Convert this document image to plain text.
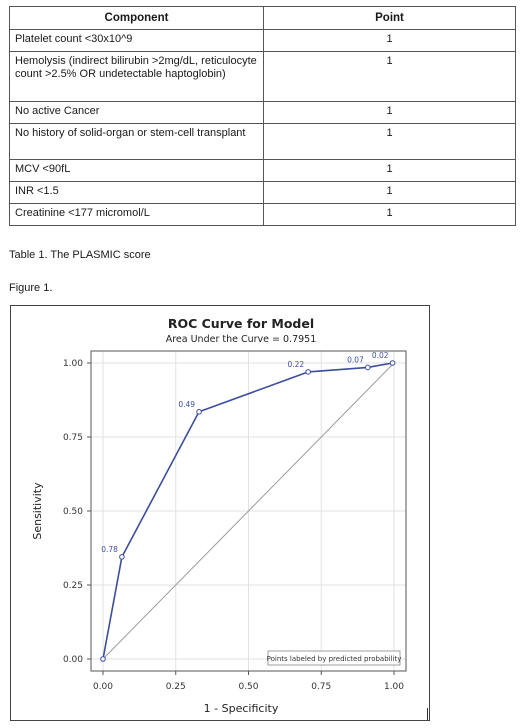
Component	Point
Platelet count <30x10^9	1
Hemolysis (indirect bilirubin >2mg/dL, reticulocyte count >2.5% OR undetectable haptoglobin)	1
No active Cancer	1
No history of solid-organ or stem-cell transplant	1
MCV <90fL	1
INR <1.5	1
Creatinine <177 micromol/L	1
Table 1. The PLASMIC score
Figure 1.
ROC Curve for Model
Area Under the Curve = 0.7951
1 - Specificity
Sensitivity
0.00	0.25	0.50	0.75	1.00
0.00
0.25
0.50
0.75
1.00
0.78
0.49
0.22	0.07 0.02
Points labeled by predicted probability
